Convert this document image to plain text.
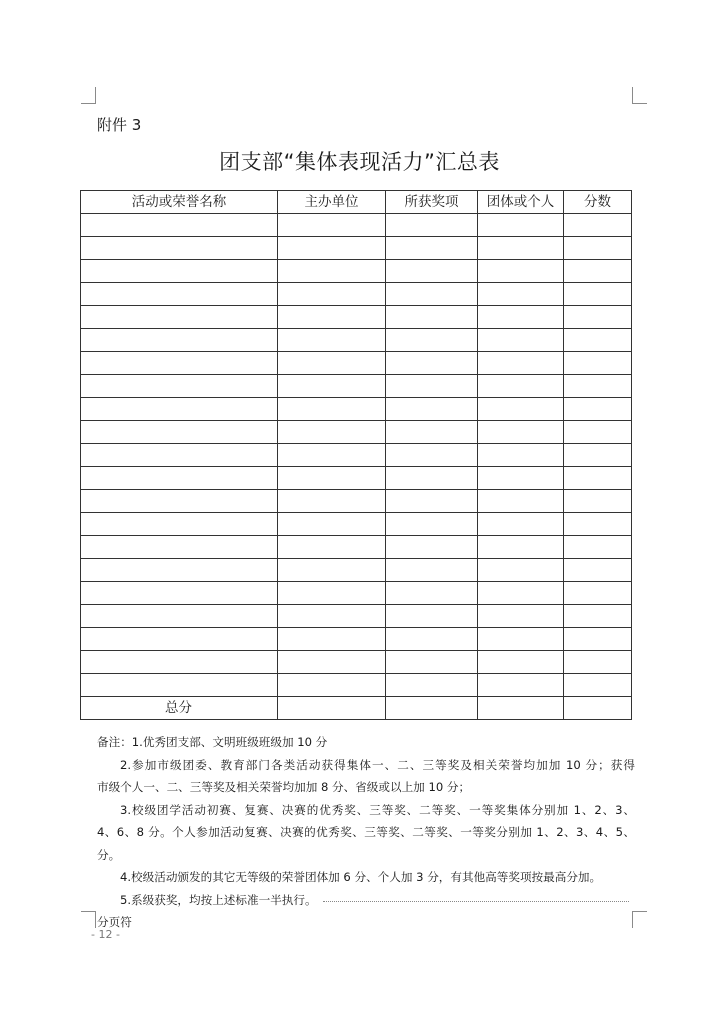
附件 3
团支部“集体表现活力”汇总表
活动或荣誉名称	主办单位	所获奖项	团体或个人	分数

总分				

备注：1.优秀团支部、文明班级班级加 10 分

2.参加市级团委、教育部门各类活动获得集体一、二、三等奖及相关荣誉均加加 10 分；获得

市级个人一、二、三等奖及相关荣誉均加加 8 分、省级或以上加 10 分；

3.校级团学活动初赛、复赛、决赛的优秀奖、三等奖、二等奖、一等奖集体分别加 1、2、3、

4、6、8 分。个人参加活动复赛、决赛的优秀奖、三等奖、二等奖、一等奖分别加 1、2、3、4、5、

分。

4.校级活动颁发的其它无等级的荣誉团体加 6 分、个人加 3 分，有其他高等奖项按最高分加。

5.系级获奖，均按上述标准一半执行。

分页符
- 12 -
